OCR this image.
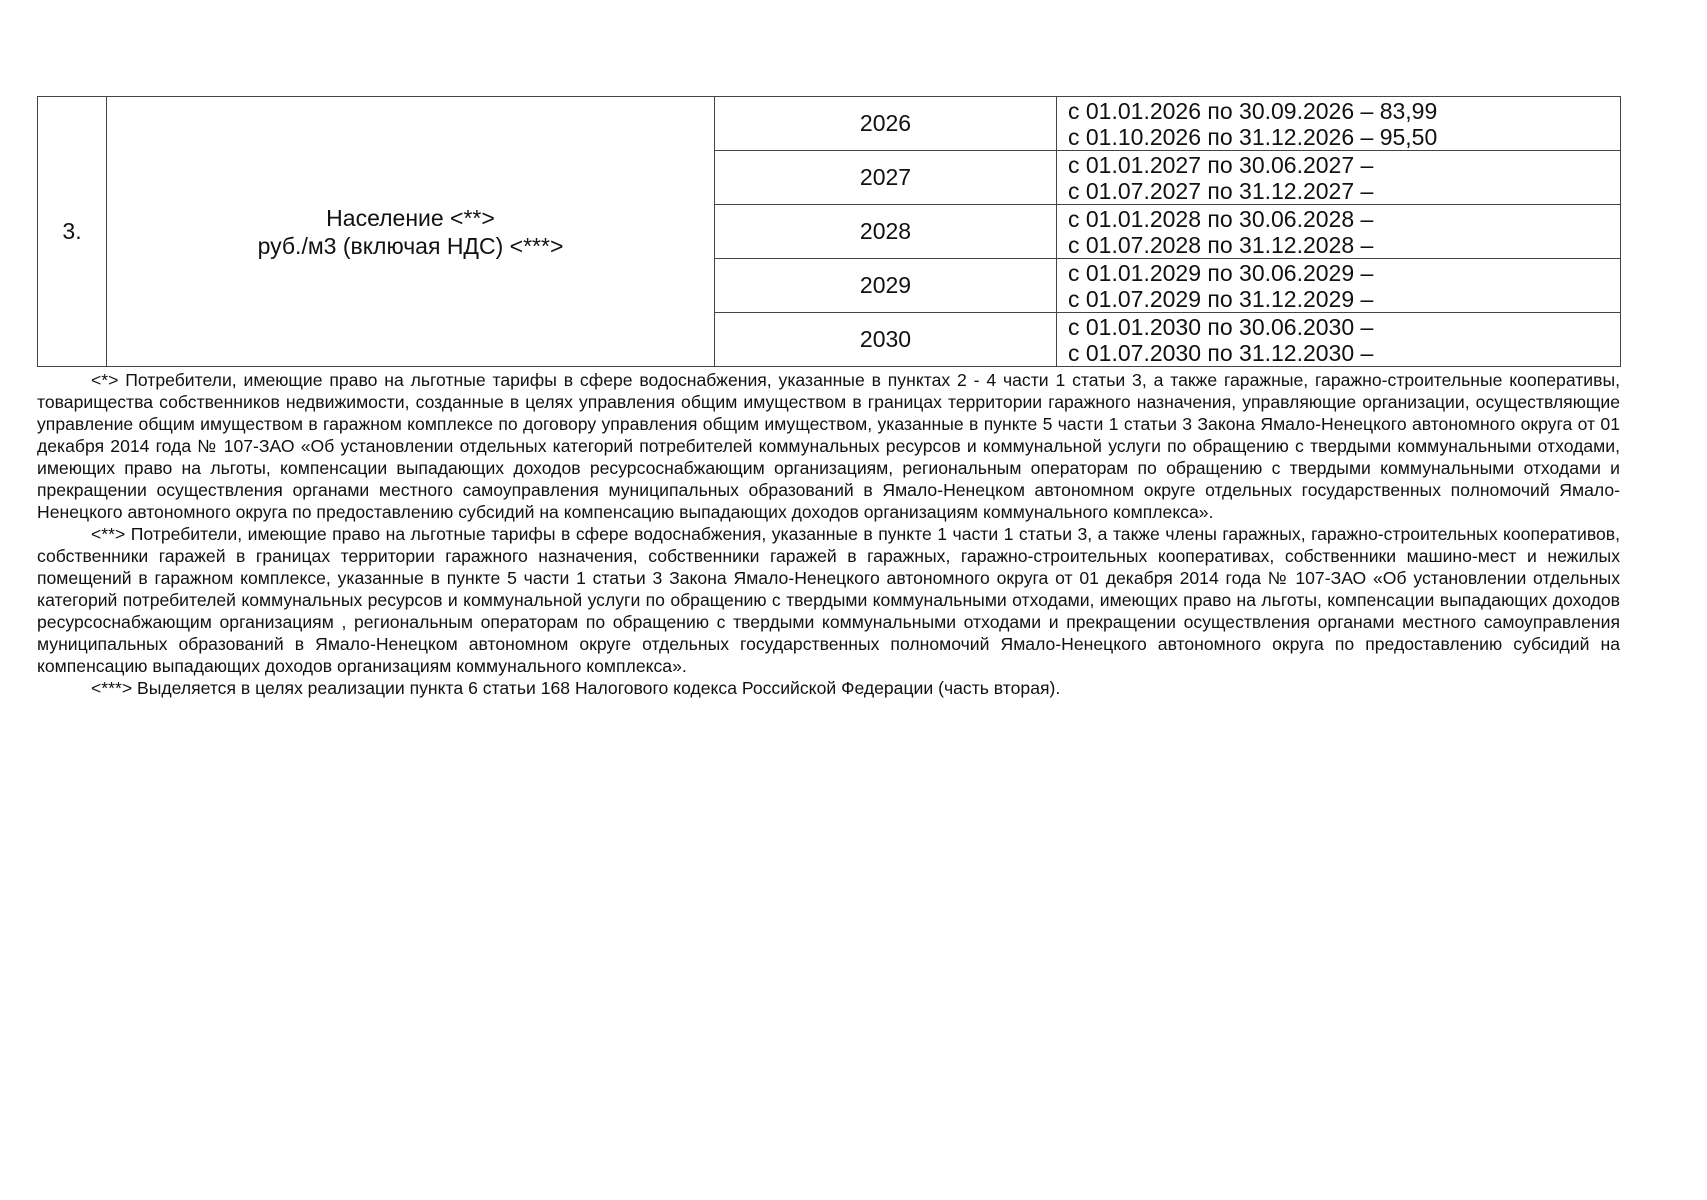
3.	Население <**>
руб./м3 (включая НДС) <***>	2026	с 01.01.2026 по 30.09.2026 – 83,99
с 01.10.2026 по 31.12.2026 – 95,50

		2027	с 01.01.2027 по 30.06.2027 –
с 01.07.2027 по 31.12.2027 –

		2028	с 01.01.2028 по 30.06.2028 –
с 01.07.2028 по 31.12.2028 –

		2029	с 01.01.2029 по 30.06.2029 –
с 01.07.2029 по 31.12.2029 –

		2030	с 01.01.2030 по 30.06.2030 –
с 01.07.2030 по 31.12.2030 –

<*> Потребители, имеющие право на льготные тарифы в сфере водоснабжения, указанные в пунктах 2 - 4 части 1 статьи 3, а также гаражные, гаражно-строительные кооперативы, товарищества собственников недвижимости, созданные в целях управления общим имуществом в границах территории гаражного назначения, управляющие организации, осуществляющие управление общим имуществом в гаражном комплексе по договору управления общим имуществом, указанные в пункте 5 части 1 статьи 3 Закона Ямало-Ненецкого автономного округа от 01 декабря 2014 года № 107-ЗАО «Об установлении отдельных категорий потребителей коммунальных ресурсов и коммунальной услуги по обращению с твердыми коммунальными отходами, имеющих право на льготы, компенсации выпадающих доходов ресурсоснабжающим организациям, региональным операторам по обращению с твердыми коммунальными отходами и прекращении осуществления органами местного самоуправления муниципальных образований в Ямало-Ненецком автономном округе отдельных государственных полномочий Ямало-Ненецкого автономного округа по предоставлению субсидий на компенсацию выпадающих доходов организациям коммунального комплекса».

<**> Потребители, имеющие право на льготные тарифы в сфере водоснабжения, указанные в пункте 1 части 1 статьи 3, а также члены гаражных, гаражно-строительных кооперативов, собственники гаражей в границах территории гаражного назначения, собственники гаражей в гаражных, гаражно-строительных кооперативах, собственники машино-мест и нежилых помещений в гаражном комплексе, указанные в пункте 5 части 1 статьи 3 Закона Ямало-Ненецкого автономного округа от 01 декабря 2014 года № 107-ЗАО «Об установлении отдельных категорий потребителей коммунальных ресурсов и коммунальной услуги по обращению с твердыми коммунальными отходами, имеющих право на льготы, компенсации выпадающих доходов ресурсоснабжающим организациям , региональным операторам по обращению с твердыми коммунальными отходами и прекращении осуществления органами местного самоуправления муниципальных образований в Ямало-Ненецком автономном округе отдельных государственных полномочий Ямало-Ненецкого автономного округа по предоставлению субсидий на компенсацию выпадающих доходов организациям коммунального комплекса».

<***> Выделяется в целях реализации пункта 6 статьи 168 Налогового кодекса Российской Федерации (часть вторая).
